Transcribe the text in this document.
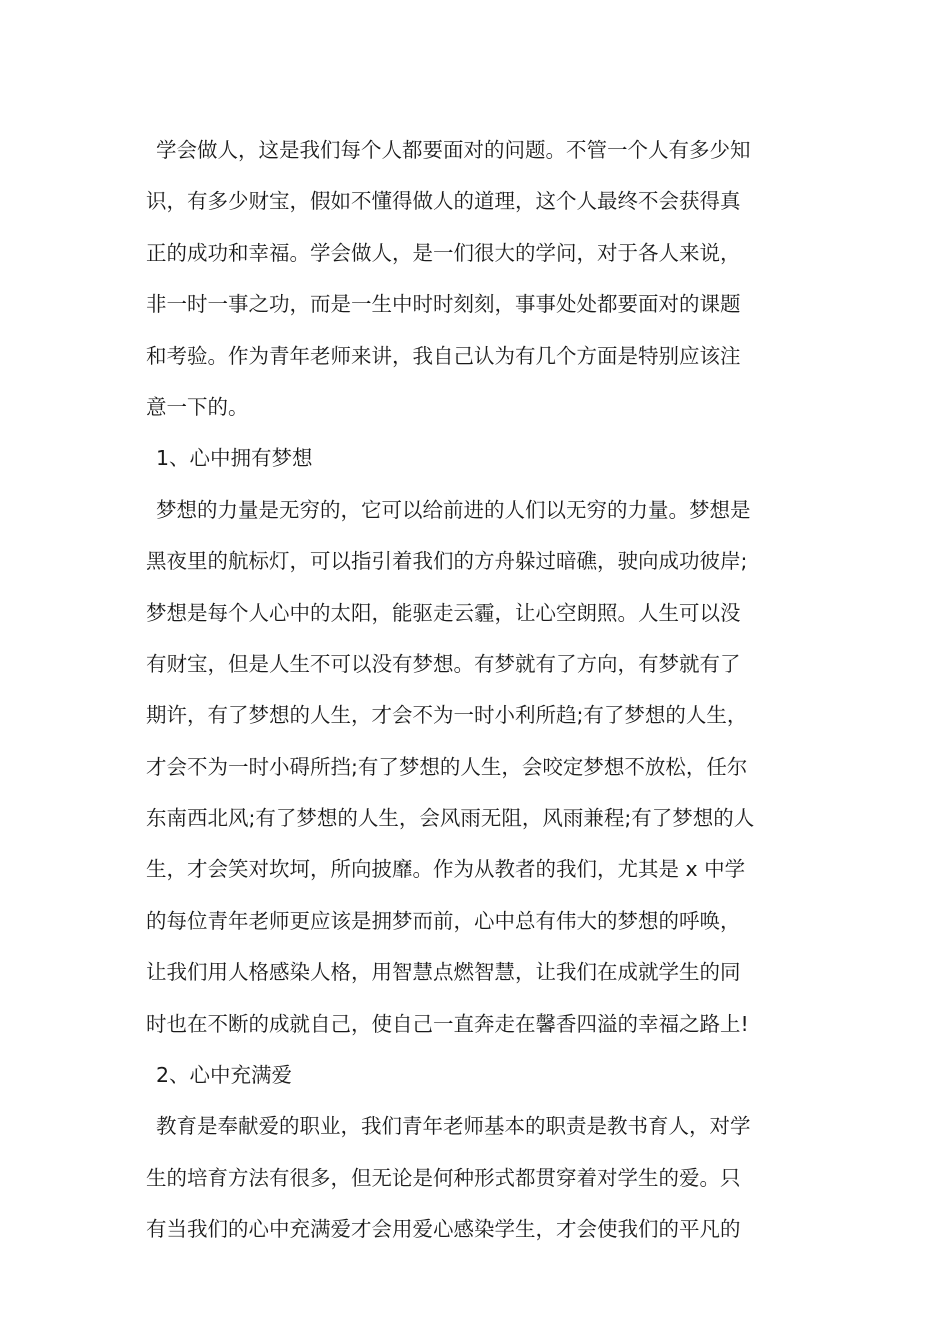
学会做人，这是我们每个人都要面对的问题。不管一个人有多少知
识，有多少财宝，假如不懂得做人的道理，这个人最终不会获得真
正的成功和幸福。学会做人，是一们很大的学问，对于各人来说，
非一时一事之功，而是一生中时时刻刻，事事处处都要面对的课题
和考验。作为青年老师来讲，我自己认为有几个方面是特别应该注
意一下的。
1、心中拥有梦想
梦想的力量是无穷的，它可以给前进的人们以无穷的力量。梦想是
黑夜里的航标灯，可以指引着我们的方舟躲过暗礁，驶向成功彼岸;
梦想是每个人心中的太阳，能驱走云霾，让心空朗照。人生可以没
有财宝，但是人生不可以没有梦想。有梦就有了方向，有梦就有了
期许，有了梦想的人生，才会不为一时小利所趋;有了梦想的人生，
才会不为一时小碍所挡;有了梦想的人生，会咬定梦想不放松，任尔
东南西北风;有了梦想的人生，会风雨无阻，风雨兼程;有了梦想的人
生，才会笑对坎坷，所向披靡。作为从教者的我们，尤其是 x 中学
的每位青年老师更应该是拥梦而前，心中总有伟大的梦想的呼唤，
让我们用人格感染人格，用智慧点燃智慧，让我们在成就学生的同
时也在不断的成就自己，使自己一直奔走在馨香四溢的幸福之路上!
2、心中充满爱
教育是奉献爱的职业，我们青年老师基本的职责是教书育人，对学
生的培育方法有很多，但无论是何种形式都贯穿着对学生的爱。只
有当我们的心中充满爱才会用爱心感染学生，才会使我们的平凡的
